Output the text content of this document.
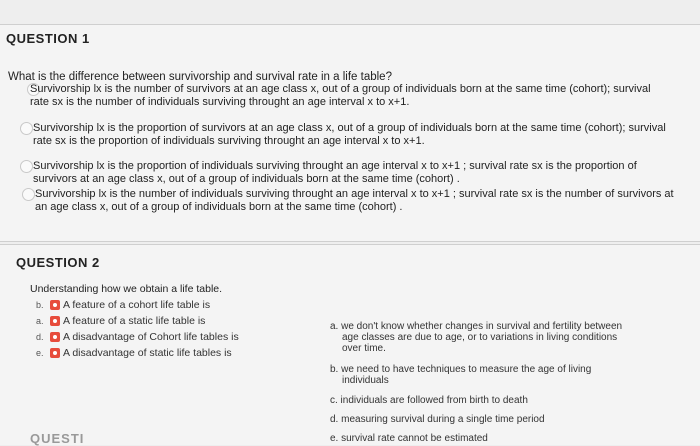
QUESTION 1
What is the difference between survivorship and survival rate in a life table?
Survivorship lx is the number of survivors at an age class x, out of a group of individuals born at the same time (cohort); survival
rate sx is the number of individuals surviving throught an age interval x to x+1.
Survivorship lx is the proportion of survivors at an age class x, out of a group of individuals born at the same time (cohort); survival
rate sx is the proportion of individuals surviving throught an age interval x to x+1.
Survivorship lx is the proportion of individuals surviving throught an age interval x to x+1 ; survival rate sx is the proportion of
survivors at an age class x, out of a group of individuals born at the same time (cohort) .
Survivorship lx is the number of individuals surviving throught an age interval x to x+1 ; survival rate sx is the number of survivors at
an age class x, out of a group of individuals born at the same time (cohort) .
QUESTION 2
Understanding how we obtain a life table.
b. A feature of a cohort life table is
a. A feature of a static life table is
d. A disadvantage of Cohort life tables is
e. A disadvantage of static life tables is
a. we don't know whether changes in survival and fertility between
age classes are due to age, or to variations in living conditions
over time.
b. we need to have techniques to measure the age of living
individuals
c. individuals are followed from birth to death
d. measuring survival during a single time period
e. survival rate cannot be estimated
QUESTI
